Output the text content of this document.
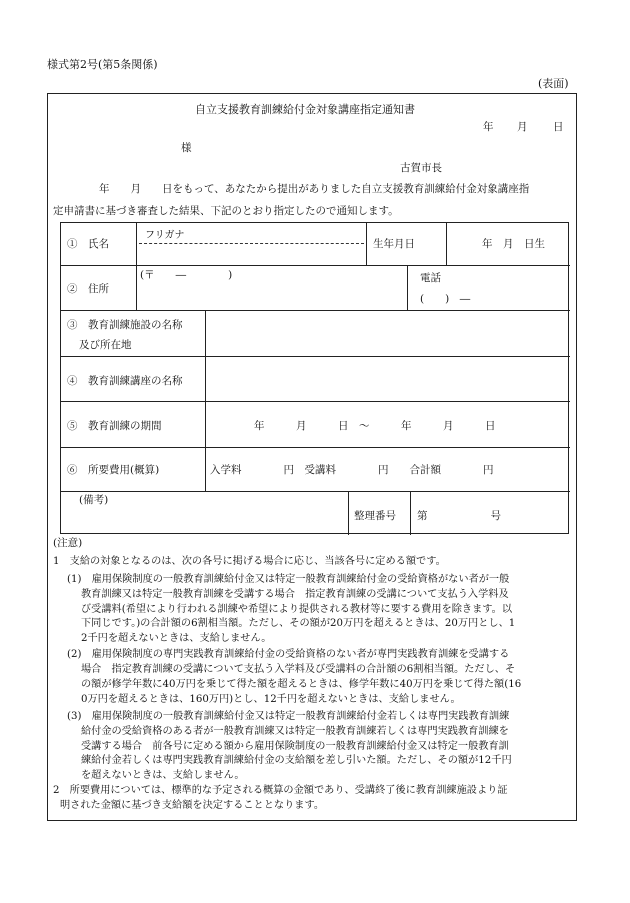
様式第2号(第5条関係)
(表面)
自立支援教育訓練給付金対象講座指定通知書
年 月 日
様
古賀市長
年　　月　　日をもって、あなたから提出がありました自立支援教育訓練給付金対象講座指
定申請書に基づき審査した結果、下記のとおり指定したので通知します。
①　氏名
フリガナ
生年月日	年　月　日生
②　住所
(〒　　―　　　　)	電話
(　　)　―
③　教育訓練施設の名称
及び所在地
④　教育訓練講座の名称
⑤　教育訓練の期間	年　　　月　　　日　～　　　年　　　月　　　日
⑥　所要費用(概算)	入学料　　　　円　受講料　　　　円　　合計額　　　　円
(備考)
整理番号 第　　　　　　号
(注意)
1　支給の対象となるのは、次の各号に掲げる場合に応じ、当該各号に定める額です。
(1)　雇用保険制度の一般教育訓練給付金又は特定一般教育訓練給付金の受給資格がない者が一般
教育訓練又は特定一般教育訓練を受講する場合　指定教育訓練の受講について支払う入学料及
び受講料(希望により行われる訓練や希望により提供される教材等に要する費用を除きます。以
下同じです。)の合計額の6割相当額。ただし、その額が20万円を超えるときは、20万円とし、1
2千円を超えないときは、支給しません。
(2)　雇用保険制度の専門実践教育訓練給付金の受給資格のない者が専門実践教育訓練を受講する
場合　指定教育訓練の受講について支払う入学料及び受講料の合計額の6割相当額。ただし、そ
の額が修学年数に40万円を乗じて得た額を超えるときは、修学年数に40万円を乗じて得た額(16
0万円を超えるときは、160万円)とし、12千円を超えないときは、支給しません。
(3)　雇用保険制度の一般教育訓練給付金又は特定一般教育訓練給付金若しくは専門実践教育訓練
給付金の受給資格のある者が一般教育訓練又は特定一般教育訓練若しくは専門実践教育訓練を
受講する場合　前各号に定める額から雇用保険制度の一般教育訓練給付金又は特定一般教育訓
練給付金若しくは専門実践教育訓練給付金の支給額を差し引いた額。ただし、その額が12千円
を超えないときは、支給しません。
2　所要費用については、標準的な予定される概算の金額であり、受講終了後に教育訓練施設より証
明された金額に基づき支給額を決定することとなります。
